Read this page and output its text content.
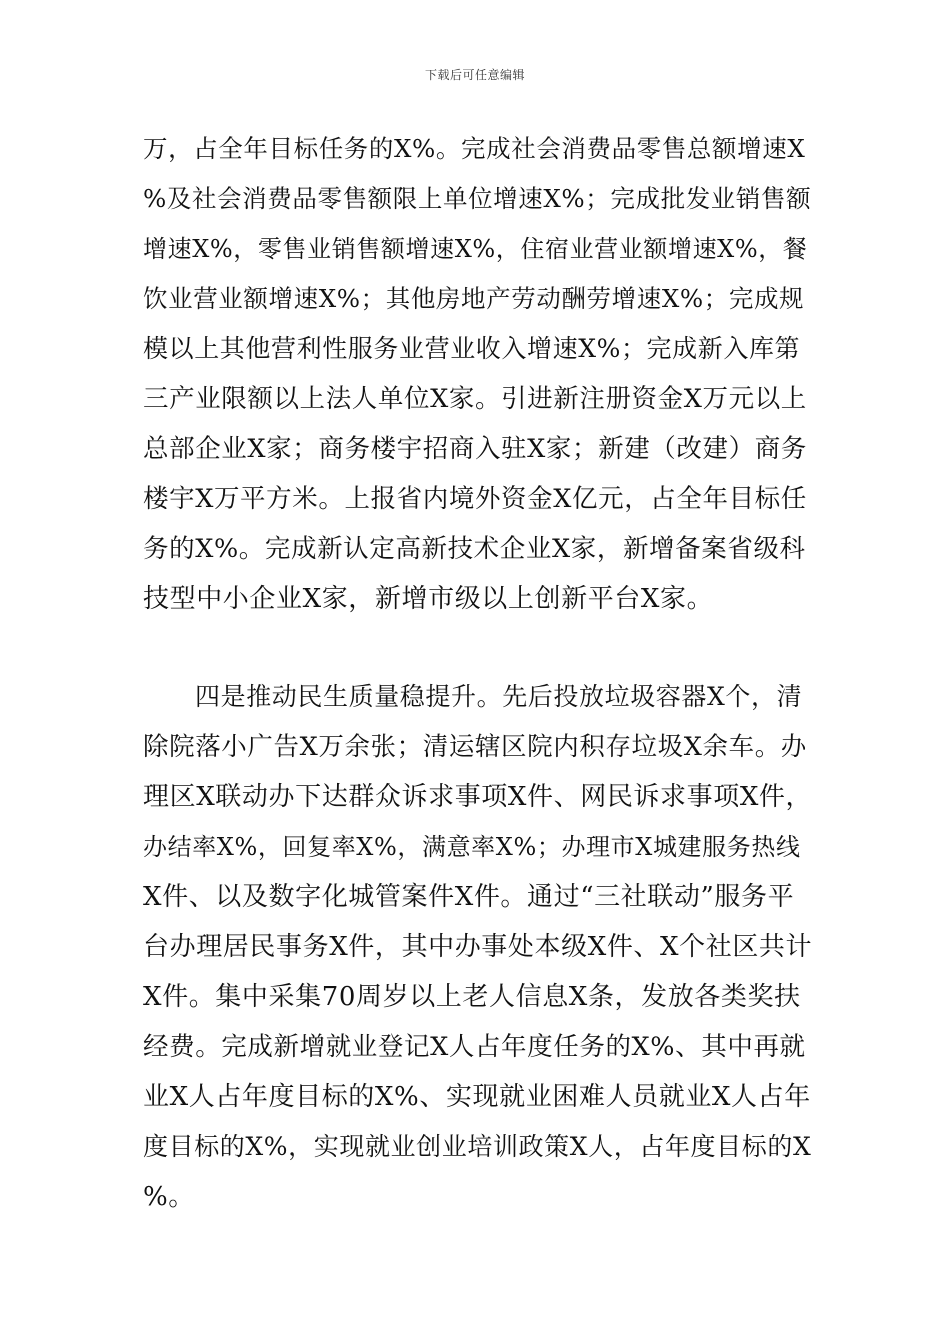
下载后可任意编辑
万，占全年目标任务的X%。完成社会消费品零售总额增速X
%及社会消费品零售额限上单位增速X%；完成批发业销售额
增速X%，零售业销售额增速X%，住宿业营业额增速X%，餐
饮业营业额增速X%；其他房地产劳动酬劳增速X%；完成规
模以上其他营利性服务业营业收入增速X%；完成新入库第
三产业限额以上法人单位X家。引进新注册资金X万元以上
总部企业X家；商务楼宇招商入驻X家；新建（改建）商务
楼宇X万平方米。上报省内境外资金X亿元，占全年目标任
务的X%。完成新认定高新技术企业X家，新增备案省级科
技型中小企业X家，新增市级以上创新平台X家。
四是推动民生质量稳提升。先后投放垃圾容器X个，清
除院落小广告X万余张；清运辖区院内积存垃圾X余车。办
理区X联动办下达群众诉求事项X件、网民诉求事项X件，
办结率X%，回复率X%，满意率X%；办理市X城建服务热线
X件、以及数字化城管案件X件。通过“三社联动”服务平
台办理居民事务X件，其中办事处本级X件、X个社区共计
X件。集中采集70周岁以上老人信息X条，发放各类奖扶
经费。完成新增就业登记X人占年度任务的X%、其中再就
业X人占年度目标的X%、实现就业困难人员就业X人占年
度目标的X%，实现就业创业培训政策X人，占年度目标的X
%。
